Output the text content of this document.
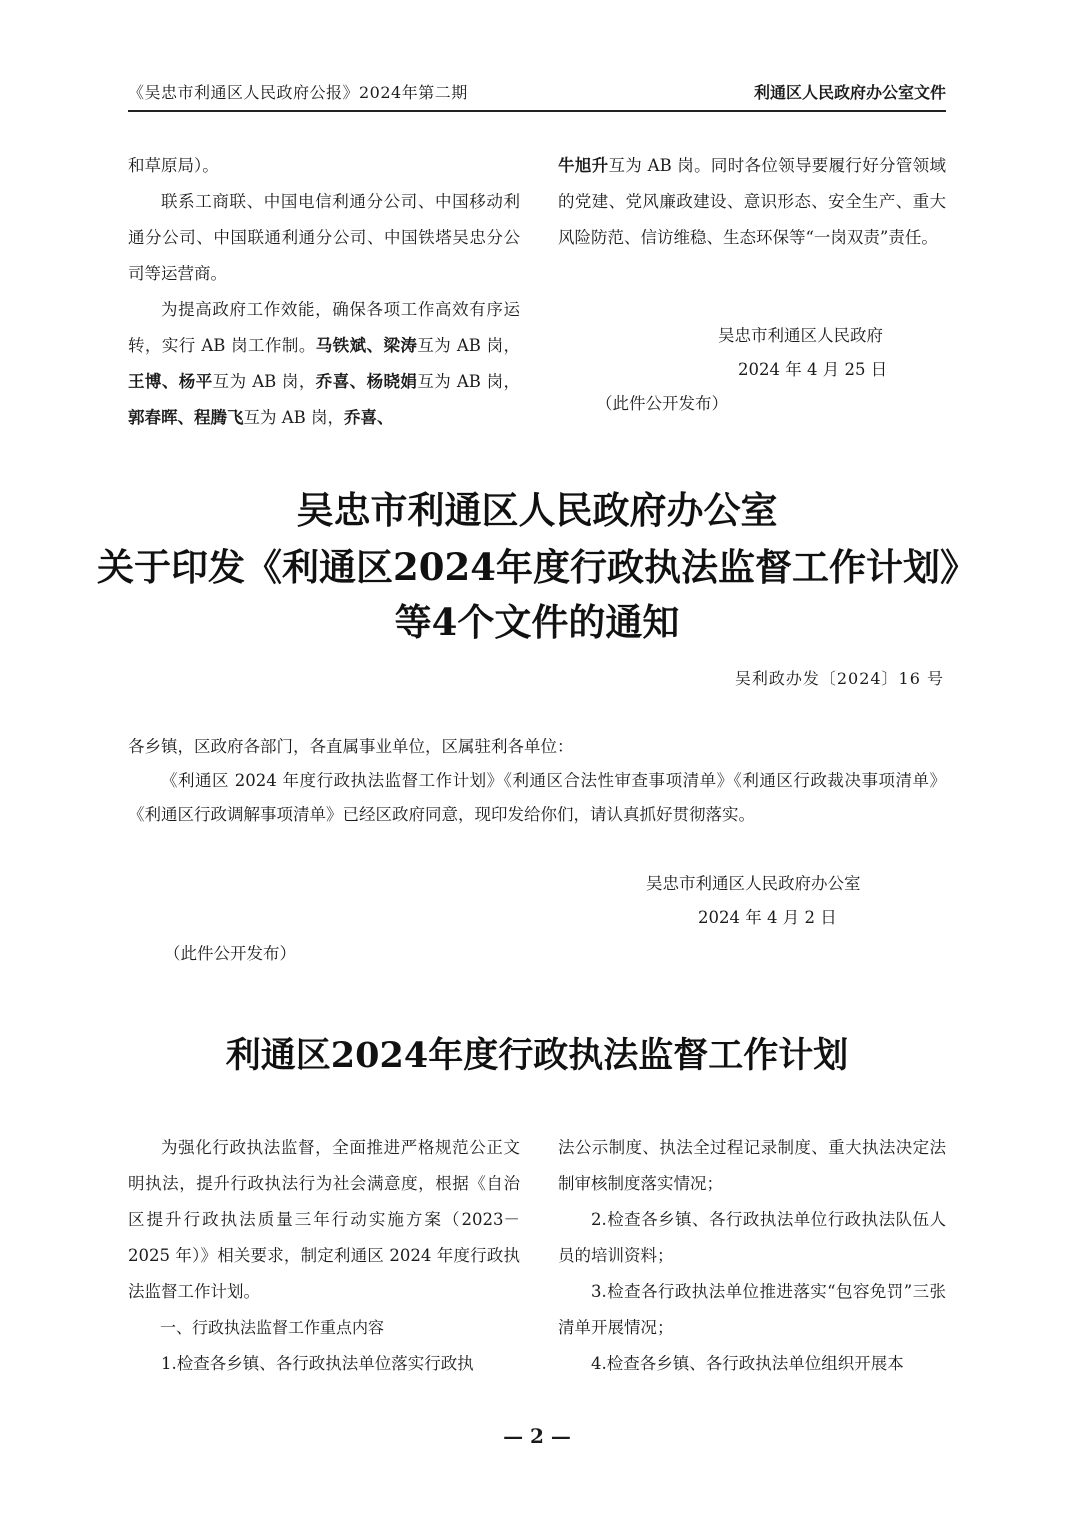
《吴忠市利通区人民政府公报》2024年第二期	利通区人民政府办公室文件

和草原局）。

联系工商联、中国电信利通分公司、中国移动利通分公司、中国联通利通分公司、中国铁塔吴忠分公司等运营商。

为提高政府工作效能，确保各项工作高效有序运转，实行 AB 岗工作制。马铁斌、梁涛互为 AB 岗，王博、杨平互为 AB 岗，乔喜、杨晓娟互为 AB 岗，郭春晖、程腾飞互为 AB 岗，乔喜、

牛旭升互为 AB 岗。同时各位领导要履行好分管领域的党建、党风廉政建设、意识形态、安全生产、重大风险防范、信访维稳、生态环保等“一岗双责”责任。

吴忠市利通区人民政府
2024 年 4 月 25 日
（此件公开发布）
吴忠市利通区人民政府办公室
关于印发《利通区2024年度行政执法监督工作计划》
等4个文件的通知
吴利政办发〔2024〕16 号

各乡镇，区政府各部门，各直属事业单位，区属驻利各单位：

《利通区 2024 年度行政执法监督工作计划》《利通区合法性审查事项清单》《利通区行政裁决事项清单》《利通区行政调解事项清单》已经区政府同意，现印发给你们，请认真抓好贯彻落实。

吴忠市利通区人民政府办公室
2024 年 4 月 2 日
（此件公开发布）
利通区2024年度行政执法监督工作计划

为强化行政执法监督，全面推进严格规范公正文明执法，提升行政执法行为社会满意度，根据《自治区提升行政执法质量三年行动实施方案（2023－2025 年）》相关要求，制定利通区 2024 年度行政执法监督工作计划。

一、行政执法监督工作重点内容

1.检查各乡镇、各行政执法单位落实行政执

法公示制度、执法全过程记录制度、重大执法决定法制审核制度落实情况；

2.检查各乡镇、各行政执法单位行政执法队伍人员的培训资料；

3.检查各行政执法单位推进落实“包容免罚”三张清单开展情况；

4.检查各乡镇、各行政执法单位组织开展本

— 2 —
